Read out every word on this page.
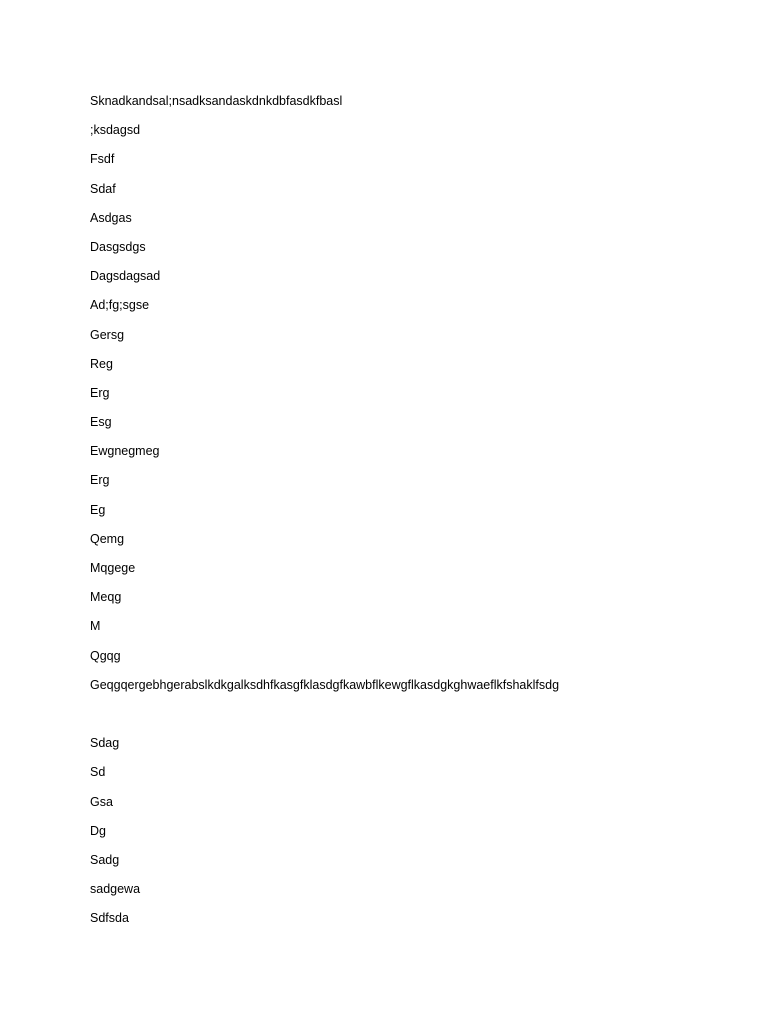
Sknadkandsal;nsadksandaskdnkdbfasdkfbasl
;ksdagsd
Fsdf
Sdaf
Asdgas
Dasgsdgs
Dagsdagsad
Ad;fg;sgse
Gersg
Reg
Erg
Esg
Ewgnegmeg
Erg
Eg
Qemg
Mqgege
Meqg
M
Qgqg
Geqgqergebhgerabslkdkgalksdhfkasgfklasdgfkawbflkewgflkasdgkghwaeflkfshaklfsdg
Sdag
Sd
Gsa
Dg
Sadg
sadgewa
Sdfsda
